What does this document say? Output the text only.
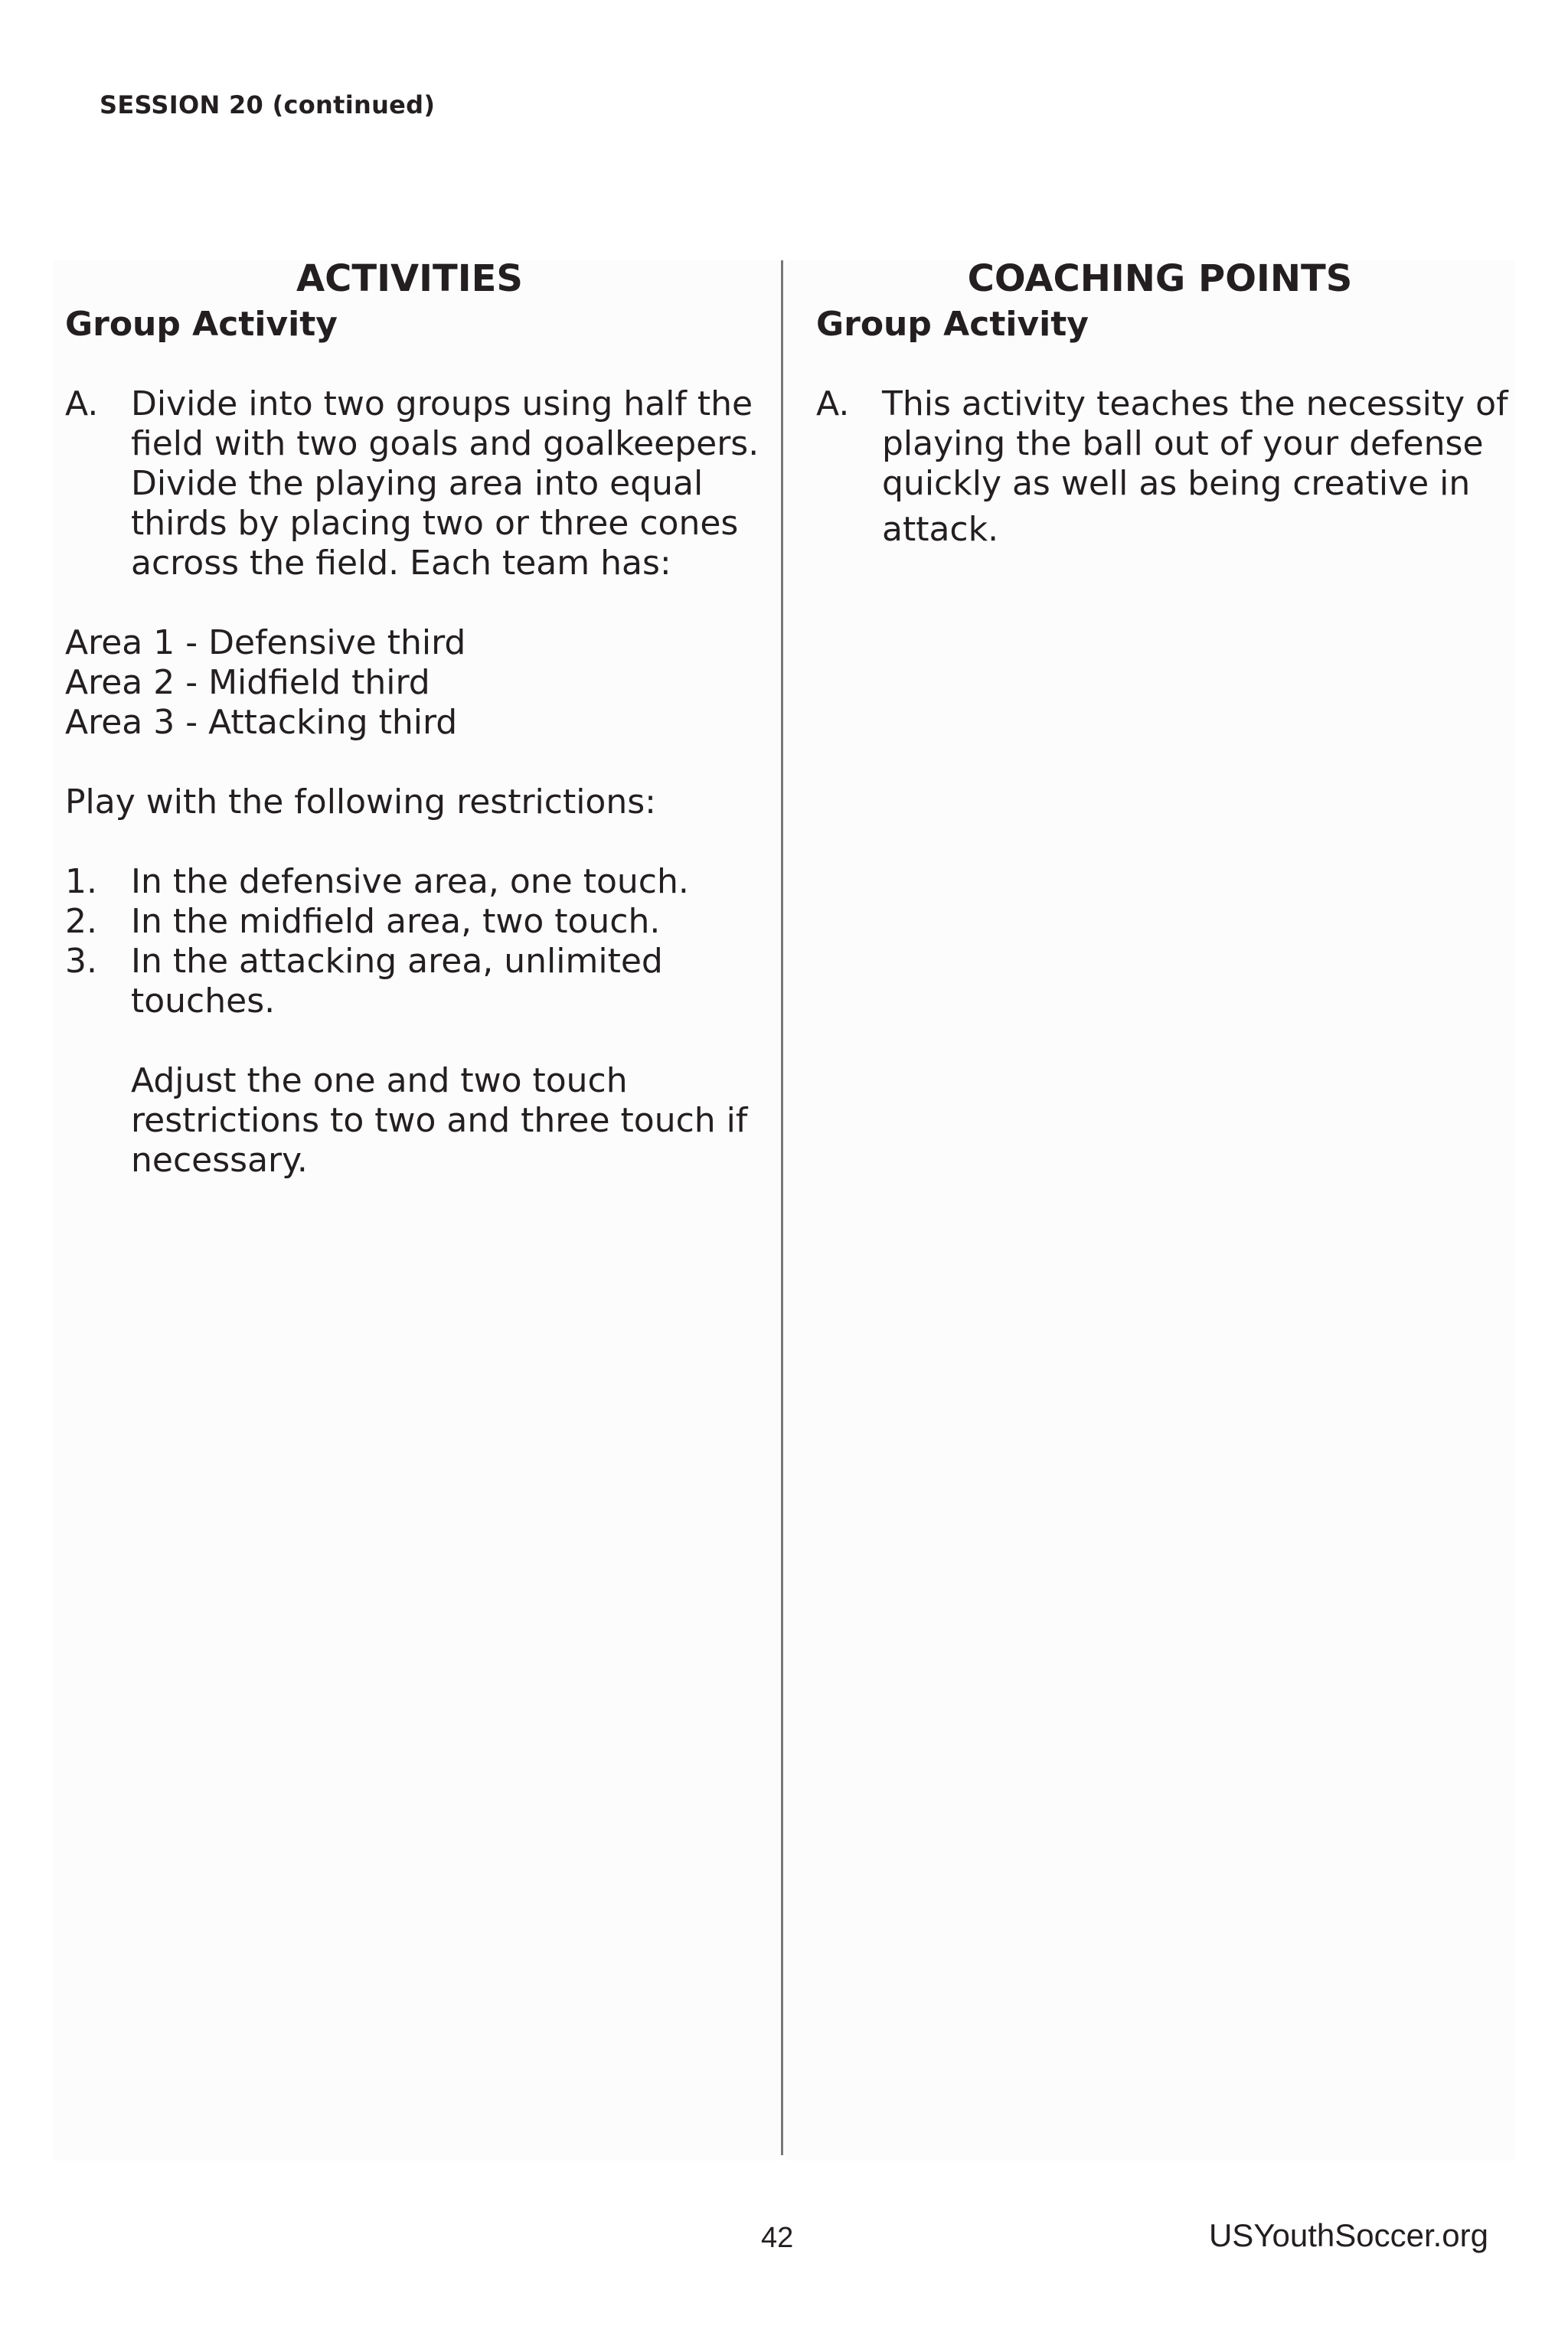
SESSION 20 (continued)
ACTIVITIES
Group Activity
COACHING POINTS
Group Activity
A. Divide into two groups using half the
field with two goals and goalkeepers.
Divide the playing area into equal
thirds by placing two or three cones
across the field. Each team has:
Area 1 - Defensive third
Area 2 - Midfield third
Area 3 - Attacking third
Play with the following restrictions:
1. In the defensive area, one touch.
2. In the midfield area, two touch.
3. In the attacking area, unlimited
touches.
Adjust the one and two touch
restrictions to two and three touch if
necessary.
A. This activity teaches the necessity of
playing the ball out of your defense
quickly as well as being creative in
attack.
42	USYouthSoccer.org
